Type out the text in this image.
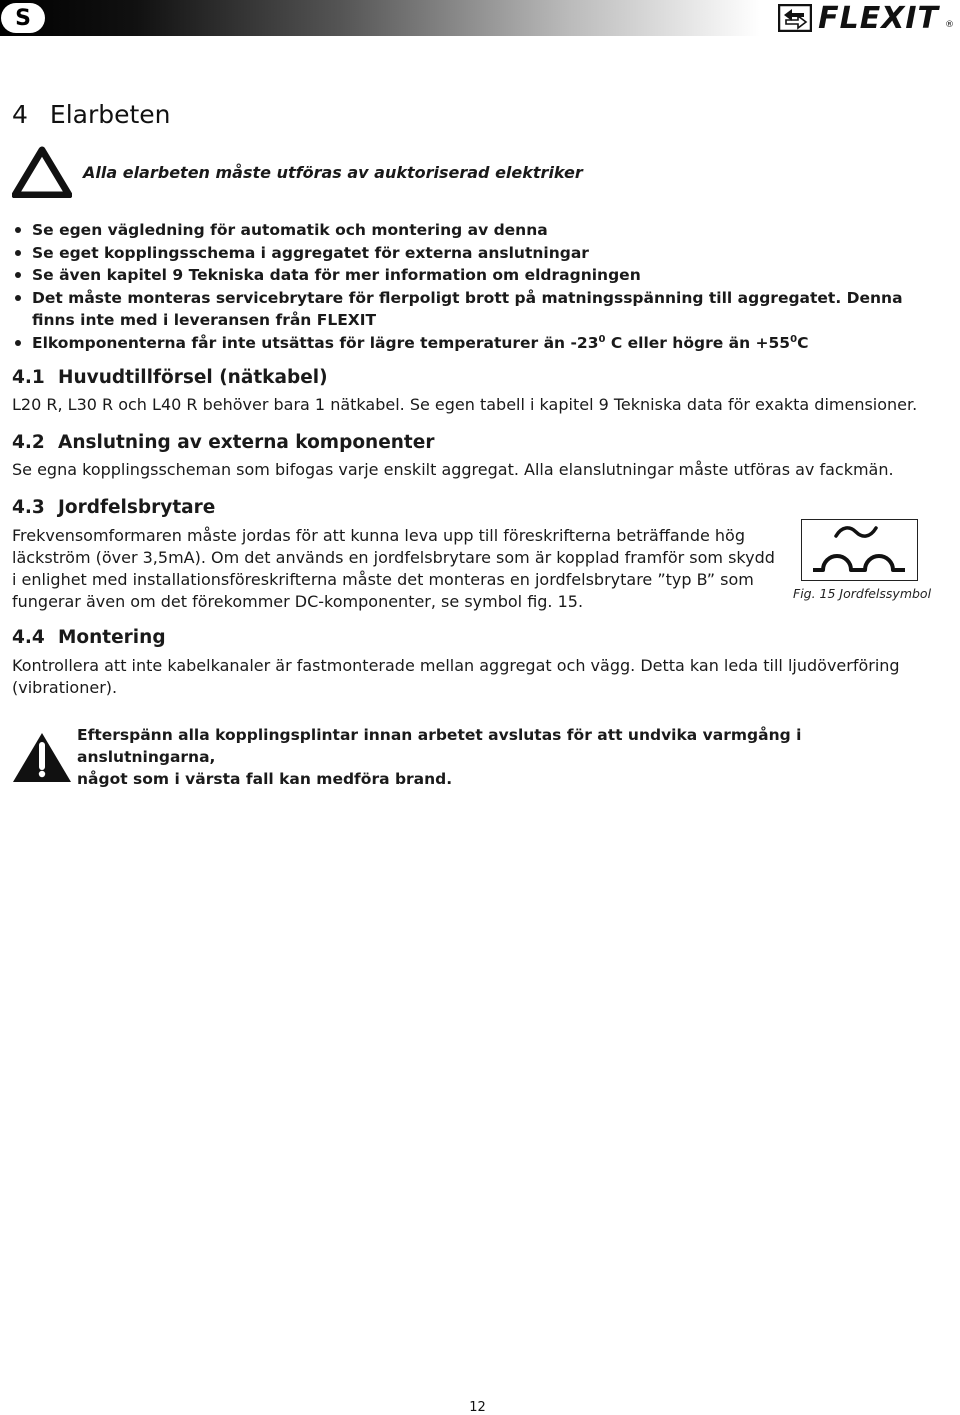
S	FLEXIT ®
4 Elarbeten
Alla elarbeten måste utföras av auktoriserad elektriker
Se egen vägledning för automatik och montering av denna
Se eget kopplingsschema i aggregatet för externa anslutningar
Se även kapitel 9 Tekniska data för mer information om eldragningen
Det måste monteras servicebrytare för flerpoligt brott på matningsspänning till aggregatet. Denna finns inte med i leveransen från FLEXIT
Elkomponenterna får inte utsättas för lägre temperaturer än $-23^0$ C eller högre än $+55^0C$
4.1 Huvudtillförsel (nätkabel)

L20 R, L30 R och L40 R behöver bara 1 nätkabel. Se egen tabell i kapitel 9 Tekniska data för exakta dimensioner.

4.2 Anslutning av externa komponenter

Se egna kopplingsscheman som bifogas varje enskilt aggregat. Alla elanslutningar måste utföras av fackmän.

4.3 Jordfelsbrytare
Frekvensomformaren måste jordas för att kunna leva upp till föreskrifterna beträffande hög
läckström (över 3,5mA). Om det används en jordfelsbrytare som är kopplad framför som skydd
i enlighet med installationsföreskrifterna måste det monteras en jordfelsbrytare ”typ B” som
fungerar även om det förekommer DC-komponenter, se symbol fig. 15.
4.4 Montering
Kontrollera att inte kabelkanaler är fastmonterade mellan aggregat och vägg. Detta kan leda till ljudöverföring
(vibrationer).
Efterspänn alla kopplingsplintar innan arbetet avslutas för att undvika varmgång i anslutningarna,
något som i värsta fall kan medföra brand.
Fig. 15 Jordfelssymbol
12
